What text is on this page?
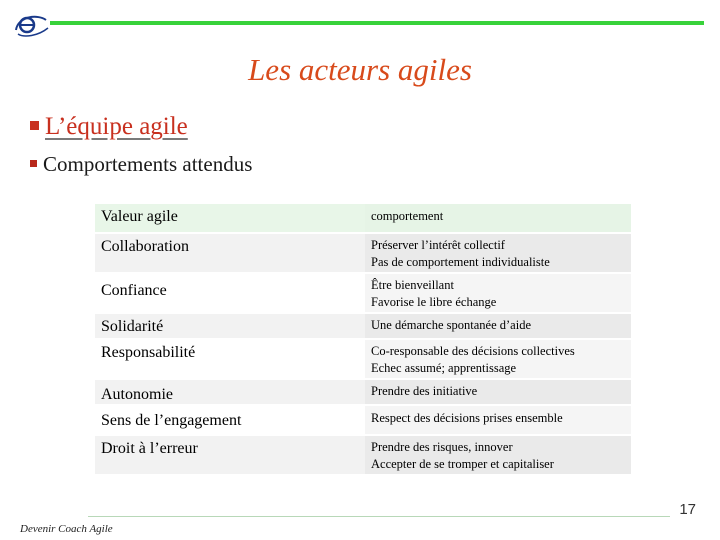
Les acteurs agiles
L’équipe agile
Comportements attendus
Valeur agile	comportement
Collaboration	Préserver l’intérêt collectif
Pas de comportement individualiste

Confiance	Être bienveillant
Favorise le libre échange

Solidarité	Une démarche spontanée d’aide

Responsabilité	Co-responsable des décisions collectives
Echec assumé; apprentissage

Autonomie	Prendre des initiative

Sens de l’engagement	Respect des décisions prises ensemble

Droit à l’erreur	Prendre des risques, innover
Accepter de se tromper et capitaliser
17
Devenir Coach Agile
